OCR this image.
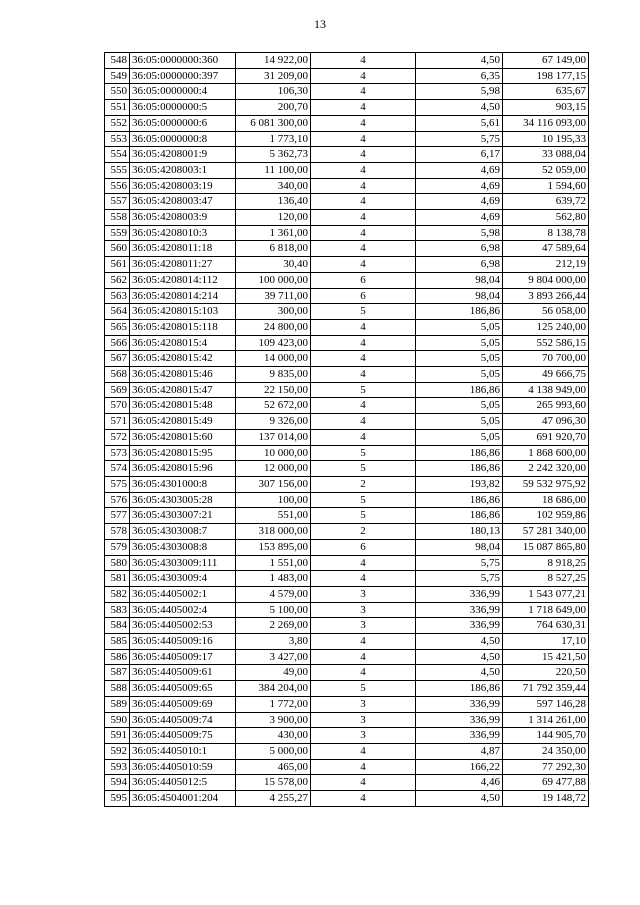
13
548	36:05:0000000:360	14 922,00	4	4,50	67 149,00
549	36:05:0000000:397	31 209,00	4	6,35	198 177,15
550	36:05:0000000:4	106,30	4	5,98	635,67
551	36:05:0000000:5	200,70	4	4,50	903,15
552	36:05:0000000:6	6 081 300,00	4	5,61	34 116 093,00
553	36:05:0000000:8	1 773,10	4	5,75	10 195,33
554	36:05:4208001:9	5 362,73	4	6,17	33 088,04
555	36:05:4208003:1	11 100,00	4	4,69	52 059,00
556	36:05:4208003:19	340,00	4	4,69	1 594,60
557	36:05:4208003:47	136,40	4	4,69	639,72
558	36:05:4208003:9	120,00	4	4,69	562,80
559	36:05:4208010:3	1 361,00	4	5,98	8 138,78
560	36:05:4208011:18	6 818,00	4	6,98	47 589,64
561	36:05:4208011:27	30,40	4	6,98	212,19
562	36:05:4208014:112	100 000,00	6	98,04	9 804 000,00
563	36:05:4208014:214	39 711,00	6	98,04	3 893 266,44
564	36:05:4208015:103	300,00	5	186,86	56 058,00
565	36:05:4208015:118	24 800,00	4	5,05	125 240,00
566	36:05:4208015:4	109 423,00	4	5,05	552 586,15
567	36:05:4208015:42	14 000,00	4	5,05	70 700,00
568	36:05:4208015:46	9 835,00	4	5,05	49 666,75
569	36:05:4208015:47	22 150,00	5	186,86	4 138 949,00
570	36:05:4208015:48	52 672,00	4	5,05	265 993,60
571	36:05:4208015:49	9 326,00	4	5,05	47 096,30
572	36:05:4208015:60	137 014,00	4	5,05	691 920,70
573	36:05:4208015:95	10 000,00	5	186,86	1 868 600,00
574	36:05:4208015:96	12 000,00	5	186,86	2 242 320,00
575	36:05:4301000:8	307 156,00	2	193,82	59 532 975,92
576	36:05:4303005:28	100,00	5	186,86	18 686,00
577	36:05:4303007:21	551,00	5	186,86	102 959,86
578	36:05:4303008:7	318 000,00	2	180,13	57 281 340,00
579	36:05:4303008:8	153 895,00	6	98,04	15 087 865,80
580	36:05:4303009:111	1 551,00	4	5,75	8 918,25
581	36:05:4303009:4	1 483,00	4	5,75	8 527,25
582	36:05:4405002:1	4 579,00	3	336,99	1 543 077,21
583	36:05:4405002:4	5 100,00	3	336,99	1 718 649,00
584	36:05:4405002:53	2 269,00	3	336,99	764 630,31
585	36:05:4405009:16	3,80	4	4,50	17,10
586	36:05:4405009:17	3 427,00	4	4,50	15 421,50
587	36:05:4405009:61	49,00	4	4,50	220,50
588	36:05:4405009:65	384 204,00	5	186,86	71 792 359,44
589	36:05:4405009:69	1 772,00	3	336,99	597 146,28
590	36:05:4405009:74	3 900,00	3	336,99	1 314 261,00
591	36:05:4405009:75	430,00	3	336,99	144 905,70
592	36:05:4405010:1	5 000,00	4	4,87	24 350,00
593	36:05:4405010:59	465,00	4	166,22	77 292,30
594	36:05:4405012:5	15 578,00	4	4,46	69 477,88
595	36:05:4504001:204	4 255,27	4	4,50	19 148,72
